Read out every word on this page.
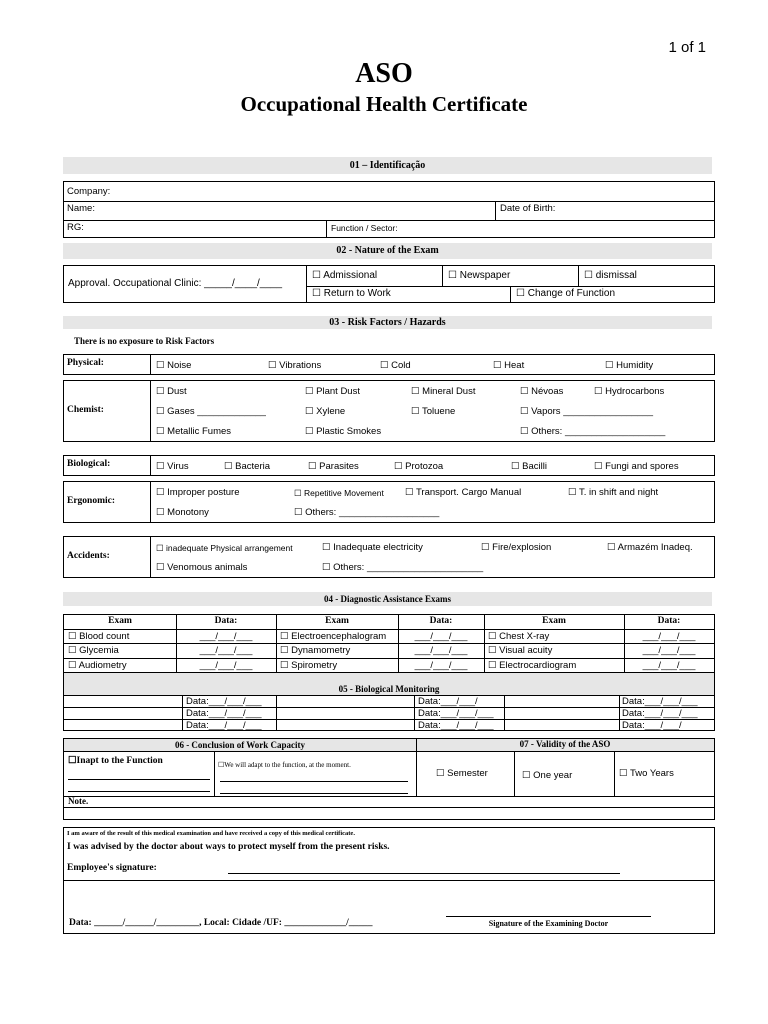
1 of 1
ASO
Occupational Health Certificate
01 – Identificação
Company:
Name:	Date of Birth:
RG:	Function / Sector:
02 - Nature of the Exam
Approval. Occupational Clinic: _____/____/____
☐ Admissional	☐ Newspaper	☐ dismissal
☐ Return to Work	☐ Change of Function
03 - Risk Factors / Hazards
There is no exposure to Risk Factors
Physical:	☐ Noise	☐ Vibrations	☐ Cold	☐ Heat	☐ Humidity
Chemist:
☐ Dust	☐ Plant Dust	☐ Mineral Dust	☐ Névoas	☐ Hydrocarbons
☐ Gases _____________	☐ Xylene	☐ Toluene	☐ Vapors _________________
☐ Metallic Fumes	☐ Plastic Smokes	☐ Others: ___________________
Biological:	☐ Virus	☐ Bacteria	☐ Parasites	☐ Protozoa	☐ Bacilli	☐ Fungi and spores
Ergonomic:
☐ Improper posture	☐ Repetitive Movement ☐ Transport. Cargo Manual	☐ T. in shift and night
☐ Monotony	☐ Others: ___________________
Accidents:
☐ inadequate Physical arrangement	☐ Inadequate electricity	☐ Fire/explosion	☐ Armazém Inadeq.
☐ Venomous animals	☐ Others: ______________________
04 - Diagnostic Assistance Exams
Exam	Data:	Exam	Data:	Exam	Data:
☐ Blood count	___/___/___	☐ Electroencephalogram	___/___/___	☐ Chest X-ray	___/___/___
☐ Glycemia	___/___/___	☐ Dynamometry	___/___/___	☐ Visual acuity	___/___/___
☐ Audiometry	___/___/___	☐ Spirometry	___/___/___	☐ Electrocardiogram	___/___/___
05 - Biological Monitoring
Data:___/___/___	Data:___/___/	Data:___/___/___
Data:___/___/___	Data:___/___/___	Data:___/___/___
Data:___/___/___	Data:___/___/___	Data:___/___/
06 - Conclusion of Work Capacity	07 - Validity of the ASO
☐Inapt to the Function	☐We will adapt to the function, at the moment.
☐ Semester	☐ One year	☐ Two Years
Note.
I am aware of the result of this medical examination and have received a copy of this medical certificate.
I was advised by the doctor about ways to protect myself from the present risks.
Employee's signature:
Data: ______/______/_________, Local: Cidade /UF: _____________/_____	Signature of the Examining Doctor
